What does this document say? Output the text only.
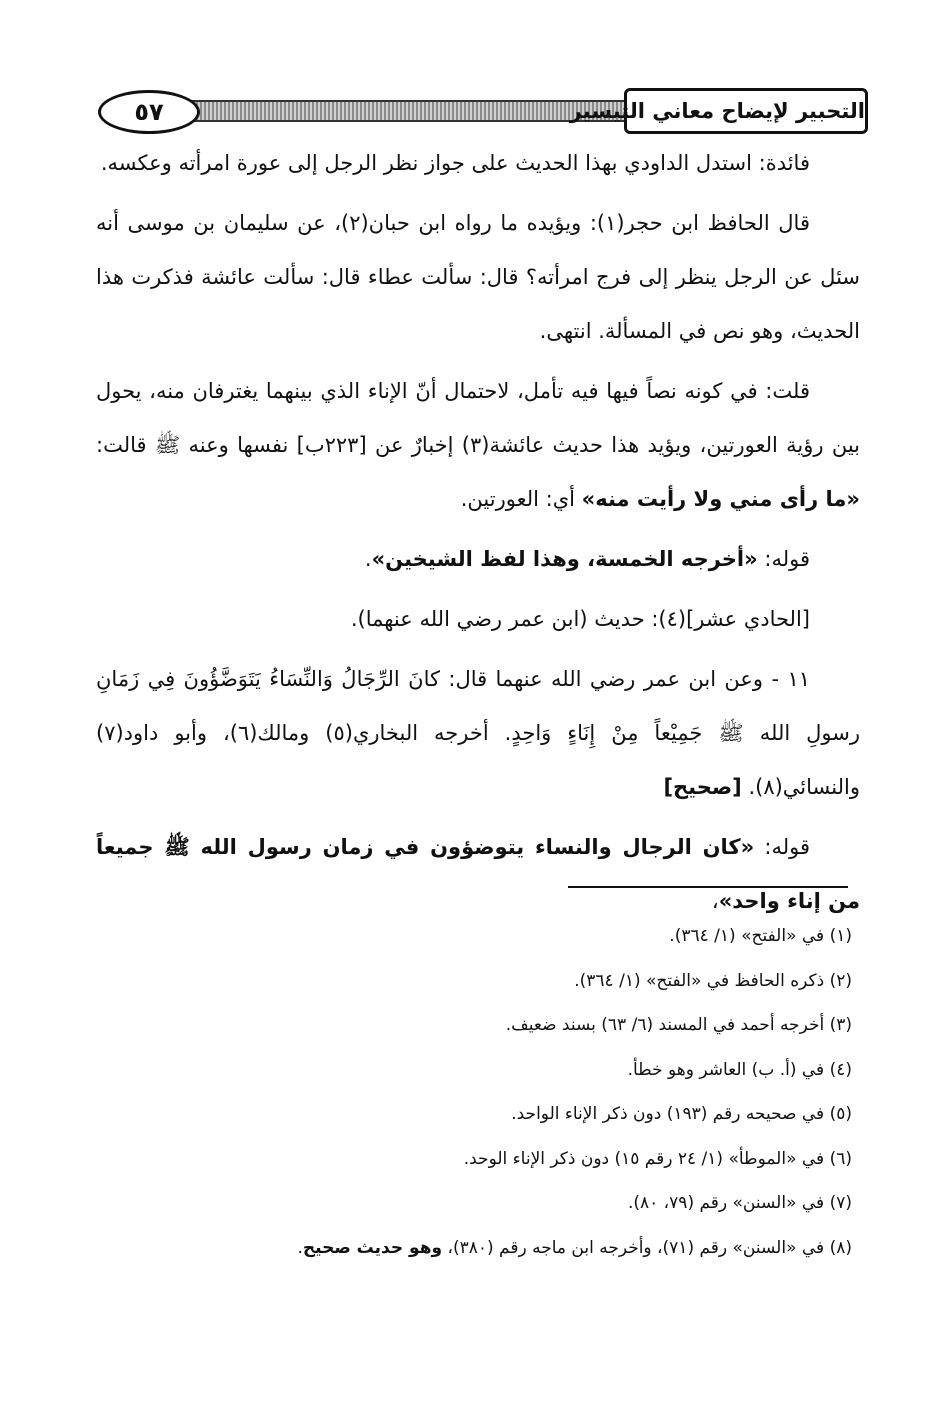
٥٧	التحبير لإيضاح معاني التيسير

فائدة: استدل الداودي بهذا الحديث على جواز نظر الرجل إلى عورة امرأته وعكسه.

قال الحافظ ابن حجر(١): ويؤيده ما رواه ابن حبان(٢)، عن سليمان بن موسى أنه سئل عن الرجل ينظر إلى فرج امرأته؟ قال: سألت عطاء قال: سألت عائشة فذكرت هذا الحديث، وهو نص في المسألة. انتهى.

قلت: في كونه نصاً فيها فيه تأمل، لاحتمال أنّ الإناء الذي بينهما يغترفان منه، يحول بين رؤية العورتين، ويؤيد هذا حديث عائشة(٣) إخبارٌ عن [٢٢٣ب] نفسها وعنه ﷺ قالت: «ما رأى مني ولا رأيت منه» أي: العورتين.

قوله: «أخرجه الخمسة، وهذا لفظ الشيخين».

[الحادي عشر](٤): حديث (ابن عمر رضي الله عنهما).

١١ - وعن ابن عمر رضي الله عنهما قال: كانَ الرِّجَالُ وَالنِّسَاءُ يَتَوَضَّؤُونَ فِي زَمَانِ رسولِ الله ﷺ جَمِيْعاً مِنْ إِنَاءٍ وَاحِدٍ. أخرجه البخاري(٥) ومالك(٦)، وأبو داود(٧) والنسائي(٨). [صحيح]

قوله: «كان الرجال والنساء يتوضؤون في زمان رسول الله ﷺ جميعاً من إناء واحد»،

(١) في «الفتح» (١/ ٣٦٤).

(٢) ذكره الحافظ في «الفتح» (١/ ٣٦٤).

(٣) أخرجه أحمد في المسند (٦/ ٦٣) بسند ضعيف.

(٤) في (أ. ب) العاشر وهو خطأ.

(٥) في صحيحه رقم (١٩٣) دون ذكر الإناء الواحد.

(٦) في «الموطأ» (١/ ٢٤ رقم ١٥) دون ذكر الإناء الوحد.

(٧) في «السنن» رقم (٧٩، ٨٠).

(٨) في «السنن» رقم (٧١)، وأخرجه ابن ماجه رقم (٣٨٠)، وهو حديث صحيح.
